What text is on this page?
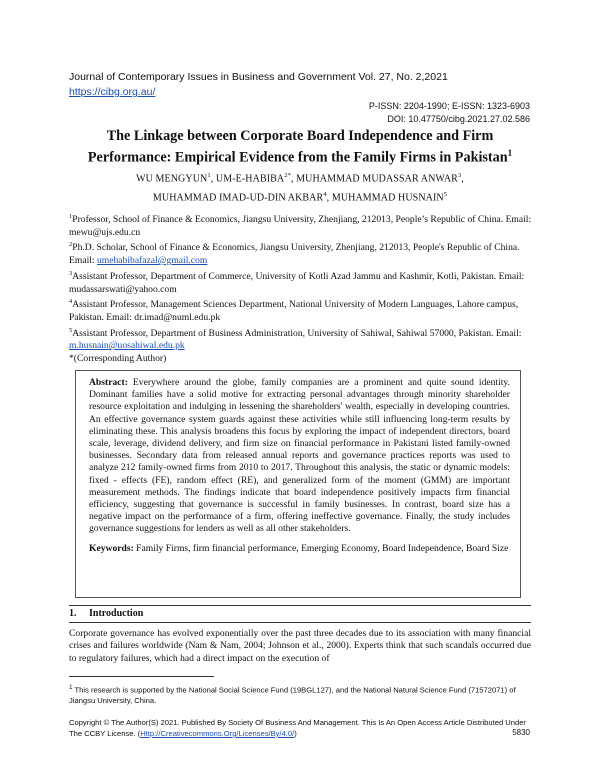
Journal of Contemporary Issues in Business and Government Vol. 27, No. 2,2021
https://cibg.org.au/
P-ISSN: 2204-1990; E-ISSN: 1323-6903
DOI: 10.47750/cibg.2021.27.02.586
The Linkage between Corporate Board Independence and Firm
Performance: Empirical Evidence from the Family Firms in Pakistan$^1$
WU MENGYUN$^1$, $UM-E-HABIBA^{2*}$, MUHAMMAD MUDASSAR ANWAR$^3$,
MUHAMMAD IMAD-UD-DIN AKBAR$^4$, MUHAMMAD HUSNAIN$^5$

$^1$Professor, School of Finance & Economics, Jiangsu University, Zhenjiang, 212013, People’s Republic of China. Email: mewu@ujs.edu.cn

$^2$Ph.D. Scholar, School of Finance & Economics, Jiangsu University, Zhenjiang, 212013, People's Republic of China. Email: umehabibafazal@gmail.com

$^3$Assistant Professor, Department of Commerce, University of Kotli Azad Jammu and Kashmir, Kotli, Pakistan. Email: mudassarswati@yahoo.com

$^4$Assistant Professor, Management Sciences Department, National University of Modern Languages, Lahore campus, Pakistan. Email: dr.imad@numl.edu.pk

$^5$Assistant Professor, Department of Business Administration, University of Sahiwal, Sahiwal 57000, Pakistan. Email: m.husnain@uosahiwal.edu.pk

*(Corresponding Author)

Abstract: Everywhere around the globe, family companies are a prominent and quite sound identity. Dominant families have a solid motive for extracting personal advantages through minority shareholder resource exploitation and indulging in lessening the shareholders' wealth, especially in developing countries. An effective governance system guards against these activities while still influencing long-term results by eliminating these. This analysis broadens this focus by exploring the impact of independent directors, board scale, leverage, dividend delivery, and firm size on financial performance in Pakistani listed family-owned businesses. Secondary data from released annual reports and governance practices reports was used to analyze 212 family-owned firms from 2010 to 2017. Throughout this analysis, the static or dynamic models: fixed - effects (FE), random effect (RE), and generalized form of the moment (GMM) are important measurement methods. The findings indicate that board independence positively impacts firm financial efficiency, suggesting that governance is successful in family businesses. In contrast, board size has a negative impact on the performance of a firm, offering ineffective governance. Finally, the study includes governance suggestions for lenders as well as all other stakeholders.

Keywords: Family Firms, firm financial performance, Emerging Economy, Board Independence, Board Size

1.     Introduction

Corporate governance has evolved exponentially over the past three decades due to its association with many financial crises and failures worldwide (Nam & Nam, 2004; Johnson et al., 2000). Experts think that such scandals occurred due to regulatory failures, which had a direct impact on the execution of

$^1$ This research is supported by the National Social Science Fund (19BGL127), and the National Natural Science Fund (71572071) of Jiangsu University, China.
Copyright © The Author(S) 2021. Published By Society Of Business And Management. This Is An Open Access Article Distributed Under The CCBY License. (Http://Creativecommons.Org/Licenses/By/4.0/)	5830
